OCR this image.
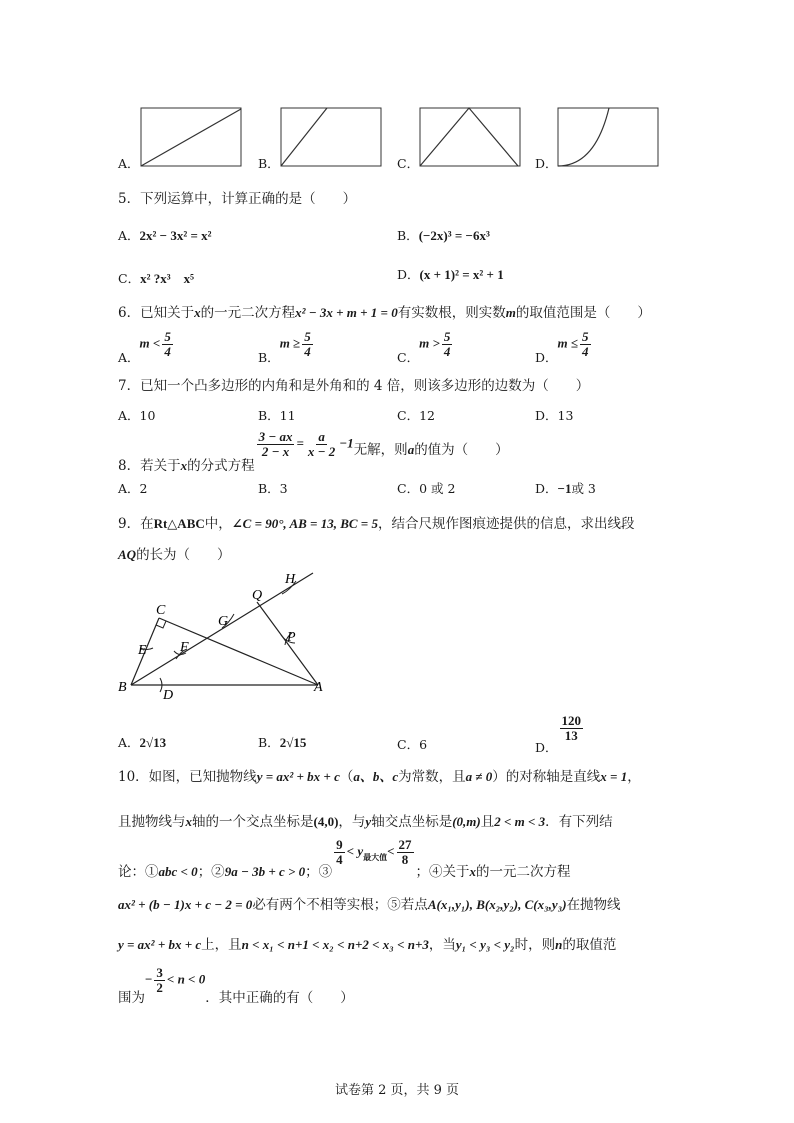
A．	B．	C．	D．
5．下列运算中，计算正确的是（　　）
A．2x² − 3x² = x²	B．(−2x)³ = −6x³
C．x² ?x³　x⁵	D．(x + 1)² = x² + 1
6．已知关于x的一元二次方程x² − 3x + m + 1 = 0有实数根，则实数m的取值范围是（　　）
A．$m < \frac{5}{4}$	B．$m \ge \frac{5}{4}$	C．$m > \frac{5}{4}$	D．$m \le \frac{5}{4}$
7．已知一个凸多边形的内角和是外角和的 4 倍，则该多边形的边数为（　　）
A．10	B．11	C．12	D．13
8．若关于x的分式方程
$\frac{3 - ax}{2 - x} = \frac{a}{x - 2} -1$无解，则a的值为（　　）
A．2	B．3	C．0 或 2	D．−1或 3
9．在Rt△ABC中，∠C = 90°, AB = 13, BC = 5，结合尺规作图痕迹提供的信息，求出线段
AQ的长为（　　）
C
E F
G
Q
H
P
B
D
A
A．2√13	B．2√15	C．6	D．
$\frac{120}{13}$
10．如图，已知抛物线y = ax² + bx + c（a、b、c为常数，且a ≠ 0）的对称轴是直线x = 1，
且抛物线与x轴的一个交点坐标是(4,0)，与y轴交点坐标是(0,m)且2 < m < 3．有下列结
论：①abc < 0；②9a − 3b + c > 0；③
$\frac{9}{4} < y_{最大值}< \frac{27}{8}$
；④关于x的一元二次方程
ax² + (b − 1)x + c − 2 = 0必有两个不相等实根；⑤若点A(x₁,y₁), B(x₂,y₂), C(x₃,y₃)在抛物线
y = ax² + bx + c上，且n < x₁ < n+1 < x₂ < n+2 < x₃ < n+3，当y₁ < y₃ < y₂时，则n的取值范
围为− $\frac{3}{2} < n < 0$．其中正确的有（　　）
试卷第 2 页，共 9 页
